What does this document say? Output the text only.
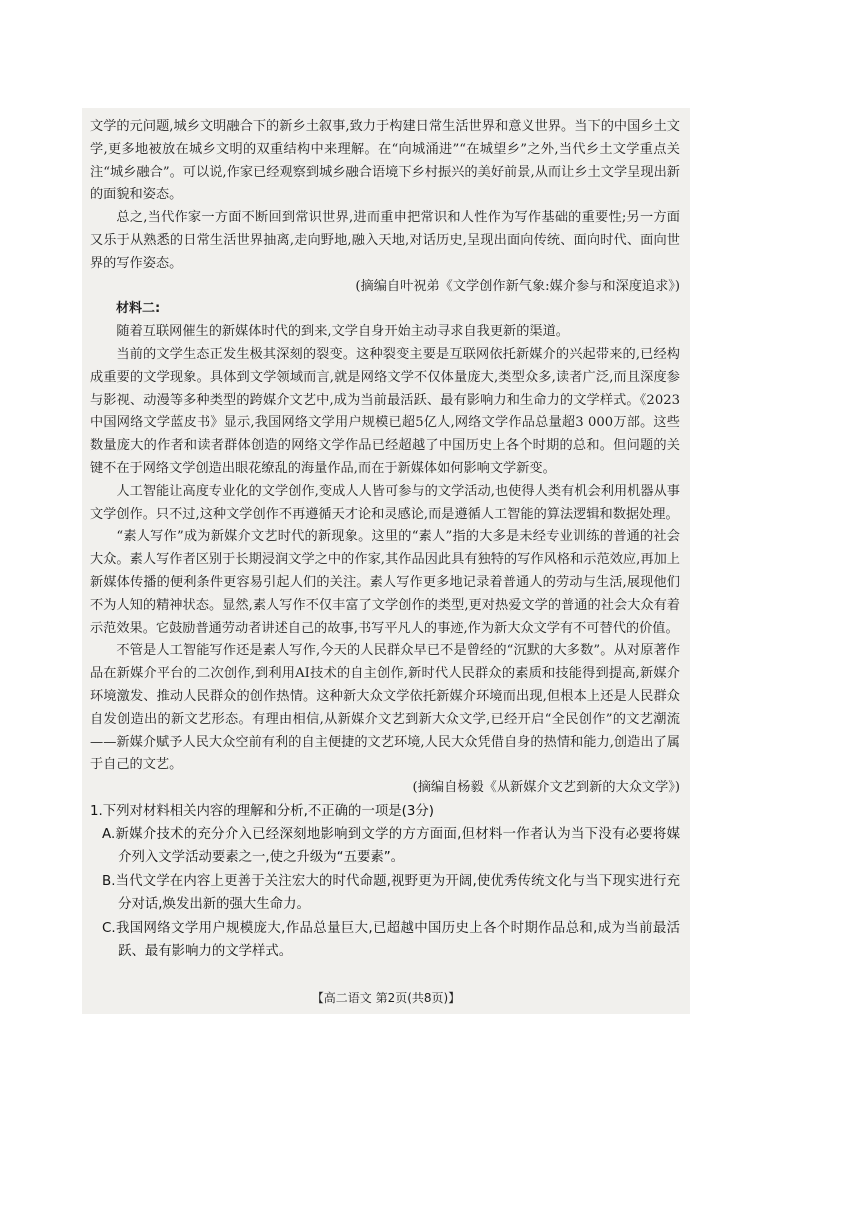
文学的元问题,城乡文明融合下的新乡土叙事,致力于构建日常生活世界和意义世界。当下的中国乡土文学,更多地被放在城乡文明的双重结构中来理解。在“向城涌进”“在城望乡”之外,当代乡土文学重点关注“城乡融合”。可以说,作家已经观察到城乡融合语境下乡村振兴的美好前景,从而让乡土文学呈现出新的面貌和姿态。

总之,当代作家一方面不断回到常识世界,进而重申把常识和人性作为写作基础的重要性;另一方面又乐于从熟悉的日常生活世界抽离,走向野地,融入天地,对话历史,呈现出面向传统、面向时代、面向世界的写作姿态。

(摘编自叶祝弟《文学创作新气象:媒介参与和深度追求》)

材料二:

随着互联网催生的新媒体时代的到来,文学自身开始主动寻求自我更新的渠道。

当前的文学生态正发生极其深刻的裂变。这种裂变主要是互联网依托新媒介的兴起带来的,已经构成重要的文学现象。具体到文学领域而言,就是网络文学不仅体量庞大,类型众多,读者广泛,而且深度参与影视、动漫等多种类型的跨媒介文艺中,成为当前最活跃、最有影响力和生命力的文学样式。《2023中国网络文学蓝皮书》显示,我国网络文学用户规模已超5亿人,网络文学作品总量超3 000万部。这些数量庞大的作者和读者群体创造的网络文学作品已经超越了中国历史上各个时期的总和。但问题的关键不在于网络文学创造出眼花缭乱的海量作品,而在于新媒体如何影响文学新变。

人工智能让高度专业化的文学创作,变成人人皆可参与的文学活动,也使得人类有机会利用机器从事文学创作。只不过,这种文学创作不再遵循天才论和灵感论,而是遵循人工智能的算法逻辑和数据处理。

“素人写作”成为新媒介文艺时代的新现象。这里的“素人”指的大多是未经专业训练的普通的社会大众。素人写作者区别于长期浸润文学之中的作家,其作品因此具有独特的写作风格和示范效应,再加上新媒体传播的便利条件更容易引起人们的关注。素人写作更多地记录着普通人的劳动与生活,展现他们不为人知的精神状态。显然,素人写作不仅丰富了文学创作的类型,更对热爱文学的普通的社会大众有着示范效果。它鼓励普通劳动者讲述自己的故事,书写平凡人的事迹,作为新大众文学有不可替代的价值。

不管是人工智能写作还是素人写作,今天的人民群众早已不是曾经的“沉默的大多数”。从对原著作品在新媒介平台的二次创作,到利用AI技术的自主创作,新时代人民群众的素质和技能得到提高,新媒介环境激发、推动人民群众的创作热情。这种新大众文学依托新媒介环境而出现,但根本上还是人民群众自发创造出的新文艺形态。有理由相信,从新媒介文艺到新大众文学,已经开启“全民创作”的文艺潮流——新媒介赋予人民大众空前有利的自主便捷的文艺环境,人民大众凭借自身的热情和能力,创造出了属于自己的文艺。

(摘编自杨毅《从新媒介文艺到新的大众文学》)

1.下列对材料相关内容的理解和分析,不正确的一项是(3分)

A.新媒介技术的充分介入已经深刻地影响到文学的方方面面,但材料一作者认为当下没有必要将媒介列入文学活动要素之一,使之升级为“五要素”。

B.当代文学在内容上更善于关注宏大的时代命题,视野更为开阔,使优秀传统文化与当下现实进行充分对话,焕发出新的强大生命力。

C.我国网络文学用户规模庞大,作品总量巨大,已超越中国历史上各个时期作品总和,成为当前最活跃、最有影响力的文学样式。

【高二语文 第2页(共8页)】
